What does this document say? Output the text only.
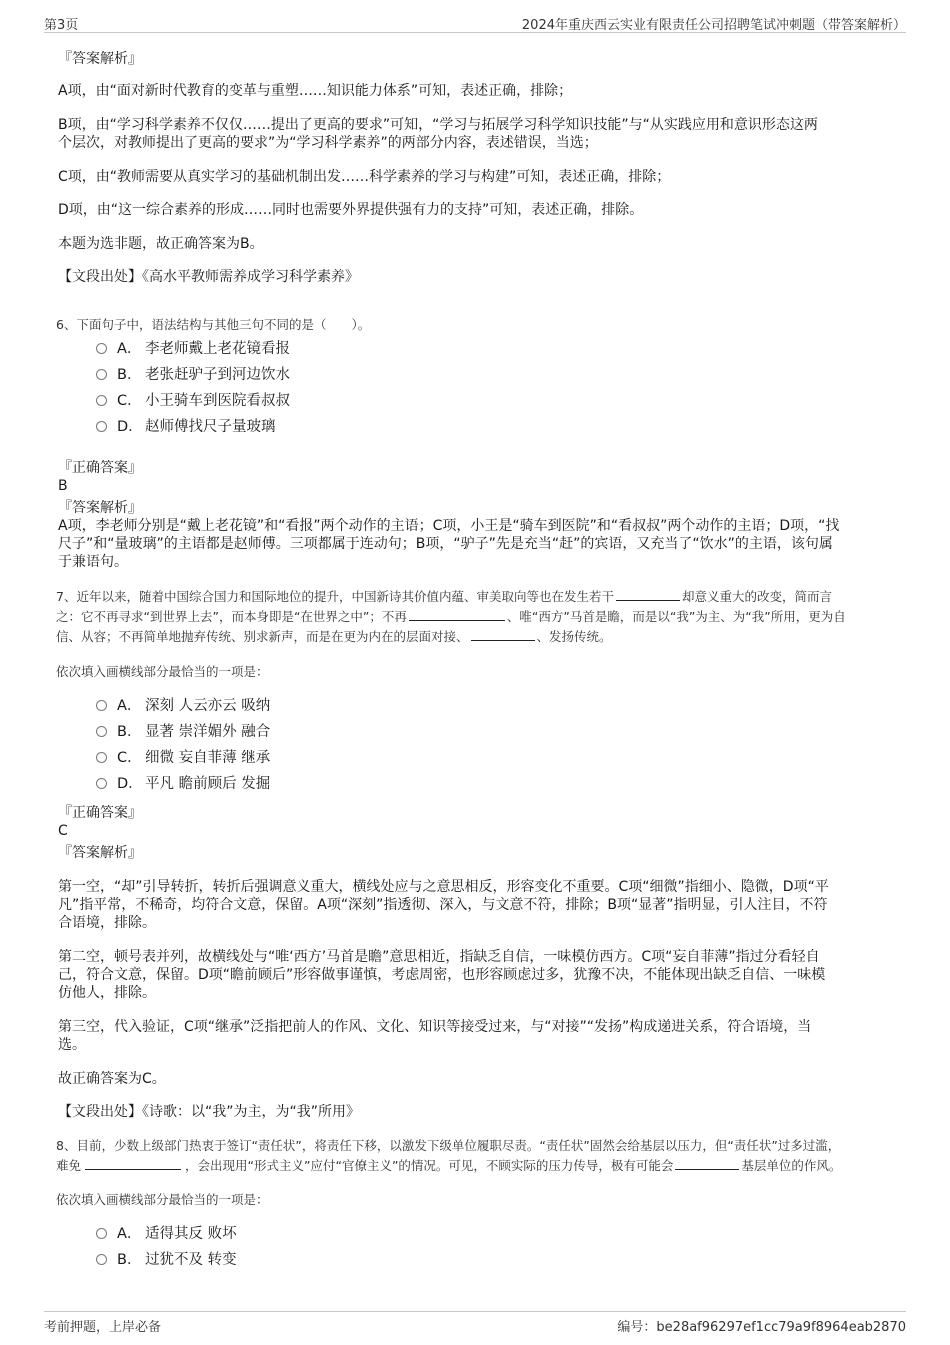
第3页	2024年重庆西云实业有限责任公司招聘笔试冲刺题（带答案解析）
『答案解析』
A项，由“面对新时代教育的变革与重塑……知识能力体系”可知，表述正确，排除；
B项，由“学习科学素养不仅仅……提出了更高的要求”可知，“学习与拓展学习科学知识技能”与“从实践应用和意识形态这两
个层次，对教师提出了更高的要求”为“学习科学素养”的两部分内容，表述错误，当选；
C项，由“教师需要从真实学习的基础机制出发……科学素养的学习与构建”可知，表述正确，排除；
D项，由“这一综合素养的形成……同时也需要外界提供强有力的支持”可知，表述正确，排除。
本题为选非题，故正确答案为B。
【文段出处】《高水平教师需养成学习科学素养》
6、下面句子中，语法结构与其他三句不同的是（　　）。
A． 李老师戴上老花镜看报
B． 老张赶驴子到河边饮水
C． 小王骑车到医院看叔叔
D． 赵师傅找尺子量玻璃
『正确答案』
B
『答案解析』
A项，李老师分别是“戴上老花镜”和“看报”两个动作的主语；C项，小王是“骑车到医院”和“看叔叔”两个动作的主语；D项，“找
尺子”和“量玻璃”的主语都是赵师傅。三项都属于连动句；B项，“驴子”先是充当“赶”的宾语，又充当了“饮水”的主语，该句属
于兼语句。
7、近年以来，随着中国综合国力和国际地位的提升，中国新诗其价值内蕴、审美取向等也在发生若干	却意义重大的改变，简而言
之：它不再寻求“到世界上去”，而本身即是“在世界之中”；不再	、唯“西方”马首是瞻，而是以“我”为主、为“我”所用，更为自
信、从容；不再简单地抛弃传统、别求新声，而是在更为内在的层面对接、	、发扬传统。
依次填入画横线部分最恰当的一项是：
A． 深刻 人云亦云 吸纳
B． 显著 崇洋媚外 融合
C． 细微 妄自菲薄 继承
D． 平凡 瞻前顾后 发掘
『正确答案』
C
『答案解析』
第一空，“却”引导转折，转折后强调意义重大，横线处应与之意思相反，形容变化不重要。C项“细微”指细小、隐微，D项“平
凡”指平常，不稀奇，均符合文意，保留。A项“深刻”指透彻、深入，与文意不符，排除；B项“显著”指明显，引人注目，不符
合语境，排除。
第二空，顿号表并列，故横线处与“唯‘西方’马首是瞻”意思相近，指缺乏自信，一味模仿西方。C项“妄自菲薄”指过分看轻自
己，符合文意，保留。D项“瞻前顾后”形容做事谨慎，考虑周密，也形容顾虑过多，犹豫不决，不能体现出缺乏自信、一味模
仿他人，排除。
第三空，代入验证，C项“继承”泛指把前人的作风、文化、知识等接受过来，与“对接”“发扬”构成递进关系，符合语境，当
选。
故正确答案为C。
【文段出处】《诗歌：以“我”为主，为“我”所用》
8、目前，少数上级部门热衷于签订“责任状”，将责任下移，以激发下级单位履职尽责。“责任状”固然会给基层以压力，但“责任状”过多过滥，
难免	，会出现用“形式主义”应付“官僚主义”的情况。可见，不顾实际的压力传导，极有可能会	基层单位的作风。
依次填入画横线部分最恰当的一项是：
A． 适得其反 败坏
B． 过犹不及 转变
考前押题，上岸必备	编号：be28af96297ef1cc79a9f8964eab2870
